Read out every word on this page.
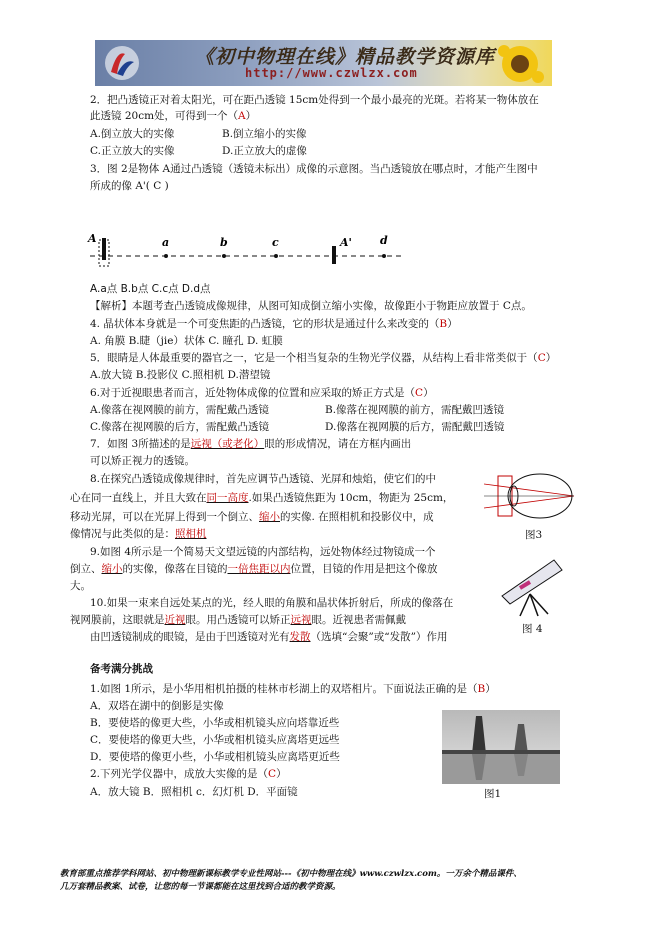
《初中物理在线》精品教学资源库
http://www.czwlzx.com
2．把凸透镜正对着太阳光，可在距凸透镜 15cm处得到一个最小最亮的光斑。若将某一物体放在
此透镜 20cm处，可得到一个（A）
A.倒立放大的实像	B.倒立缩小的实像
C.正立放大的实像	D.正立放大的虚像
3．图 2是物体 A通过凸透镜（透镜未标出）成像的示意图。当凸透镜放在哪点时，才能产生图中
所成的像 A'( C )
A	a	b	c	A'	d
A.a点 B.b点 C.c点 D.d点
【解析】本题考查凸透镜成像规律，从图可知成倒立缩小实像，故像距小于物距应放置于 C点。
4. 晶状体本身就是一个可变焦距的凸透镜，它的形状是通过什么来改变的（B）
A. 角膜 B.睫（jie）状体 C. 瞳孔 D. 虹膜
5．眼睛是人体最重要的器官之一，它是一个相当复杂的生物光学仪器，从结构上看非常类似于（C）
A.放大镜 B.投影仪 C.照相机 D.潜望镜
6.对于近视眼患者而言，近处物体成像的位置和应采取的矫正方式是（C）
A.像落在视网膜的前方，需配戴凸透镜	B.像落在视网膜的前方，需配戴凹透镜
C.像落在视网膜的后方，需配戴凸透镜	D.像落在视网膜的后方，需配戴凹透镜
7．如图 3所描述的是远视（或老化）眼的形成情况，请在方框内画出
可以矫正视力的透镜。
图3
8.在探究凸透镜成像规律时，首先应调节凸透镜、光屏和烛焰，使它们的中
心在同一直线上，并且大致在同一高度.如果凸透镜焦距为 10cm，物距为 25cm，
移动光屏，可以在光屏上得到一个倒立、缩小的实像. 在照相机和投影仪中，成
像情况与此类似的是：照相机
9.如图 4所示是一个简易天文望远镜的内部结构，远处物体经过物镜成一个
倒立、缩小的实像，像落在目镜的一倍焦距以内位置，目镜的作用是把这个像放
大。
图 4
10.如果一束来自远处某点的光，经人眼的角膜和晶状体折射后，所成的像落在
视网膜前，这眼就是近视眼。用凸透镜可以矫正远视眼。近视患者需佩戴
由凹透镜制成的眼镜，是由于凹透镜对光有发散（选填“会聚”或“发散”）作用
备考满分挑战
1.如图 1所示，是小华用相机拍摄的桂林市杉湖上的双塔相片。下面说法正确的是（B）
A．双塔在湖中的倒影是实像
B．要使塔的像更大些，小华或相机镜头应向塔靠近些
C．要使塔的像更大些，小华或相机镜头应离塔更远些
D．要使塔的像更小些，小华或相机镜头应离塔更近些
2.下列光学仪器中，成放大实像的是（C）
A．放大镜 B．照相机 c．幻灯机 D．平面镜	图1
教育部重点推荐学科网站、初中物理新课标教学专业性网站---《初中物理在线》www.czwlzx.com。一万余个精品课件、
几万套精品教案、试卷，让您的每一节课都能在这里找到合适的教学资源。
